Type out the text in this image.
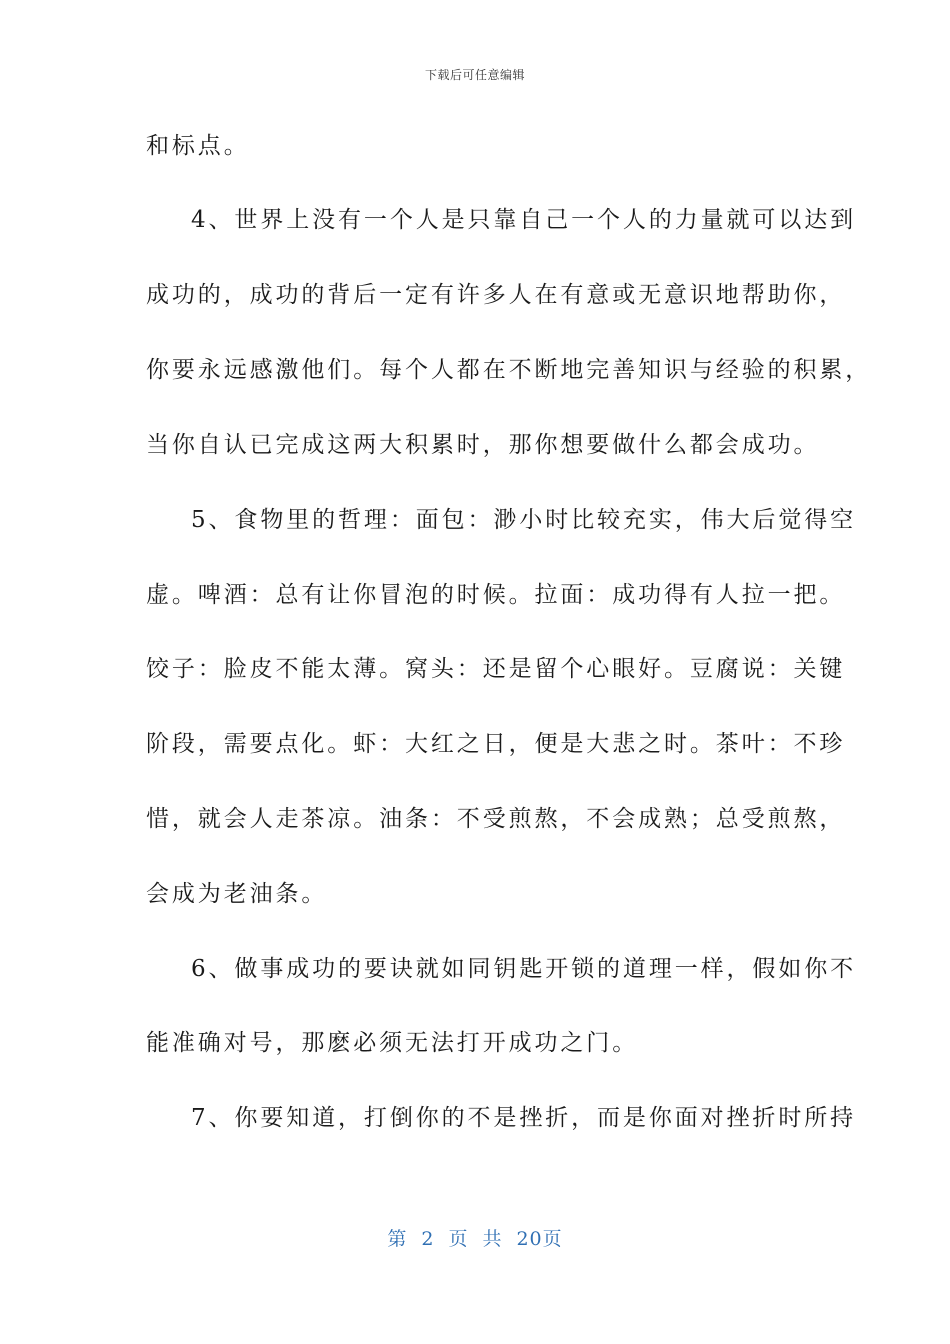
下载后可任意编辑
和标点。
4、世界上没有一个人是只靠自己一个人的力量就可以达到
成功的，成功的背后一定有许多人在有意或无意识地帮助你，
你要永远感激他们。每个人都在不断地完善知识与经验的积累，
当你自认已完成这两大积累时，那你想要做什么都会成功。
5、食物里的哲理：面包：渺小时比较充实，伟大后觉得空
虚。啤酒：总有让你冒泡的时候。拉面：成功得有人拉一把。
饺子：脸皮不能太薄。窝头：还是留个心眼好。豆腐说：关键
阶段，需要点化。虾：大红之日，便是大悲之时。茶叶：不珍
惜，就会人走茶凉。油条：不受煎熬，不会成熟；总受煎熬，
会成为老油条。
6、做事成功的要诀就如同钥匙开锁的道理一样，假如你不
能准确对号，那麽必须无法打开成功之门。
7、你要知道，打倒你的不是挫折，而是你面对挫折时所持
第 2 页 共 20页
